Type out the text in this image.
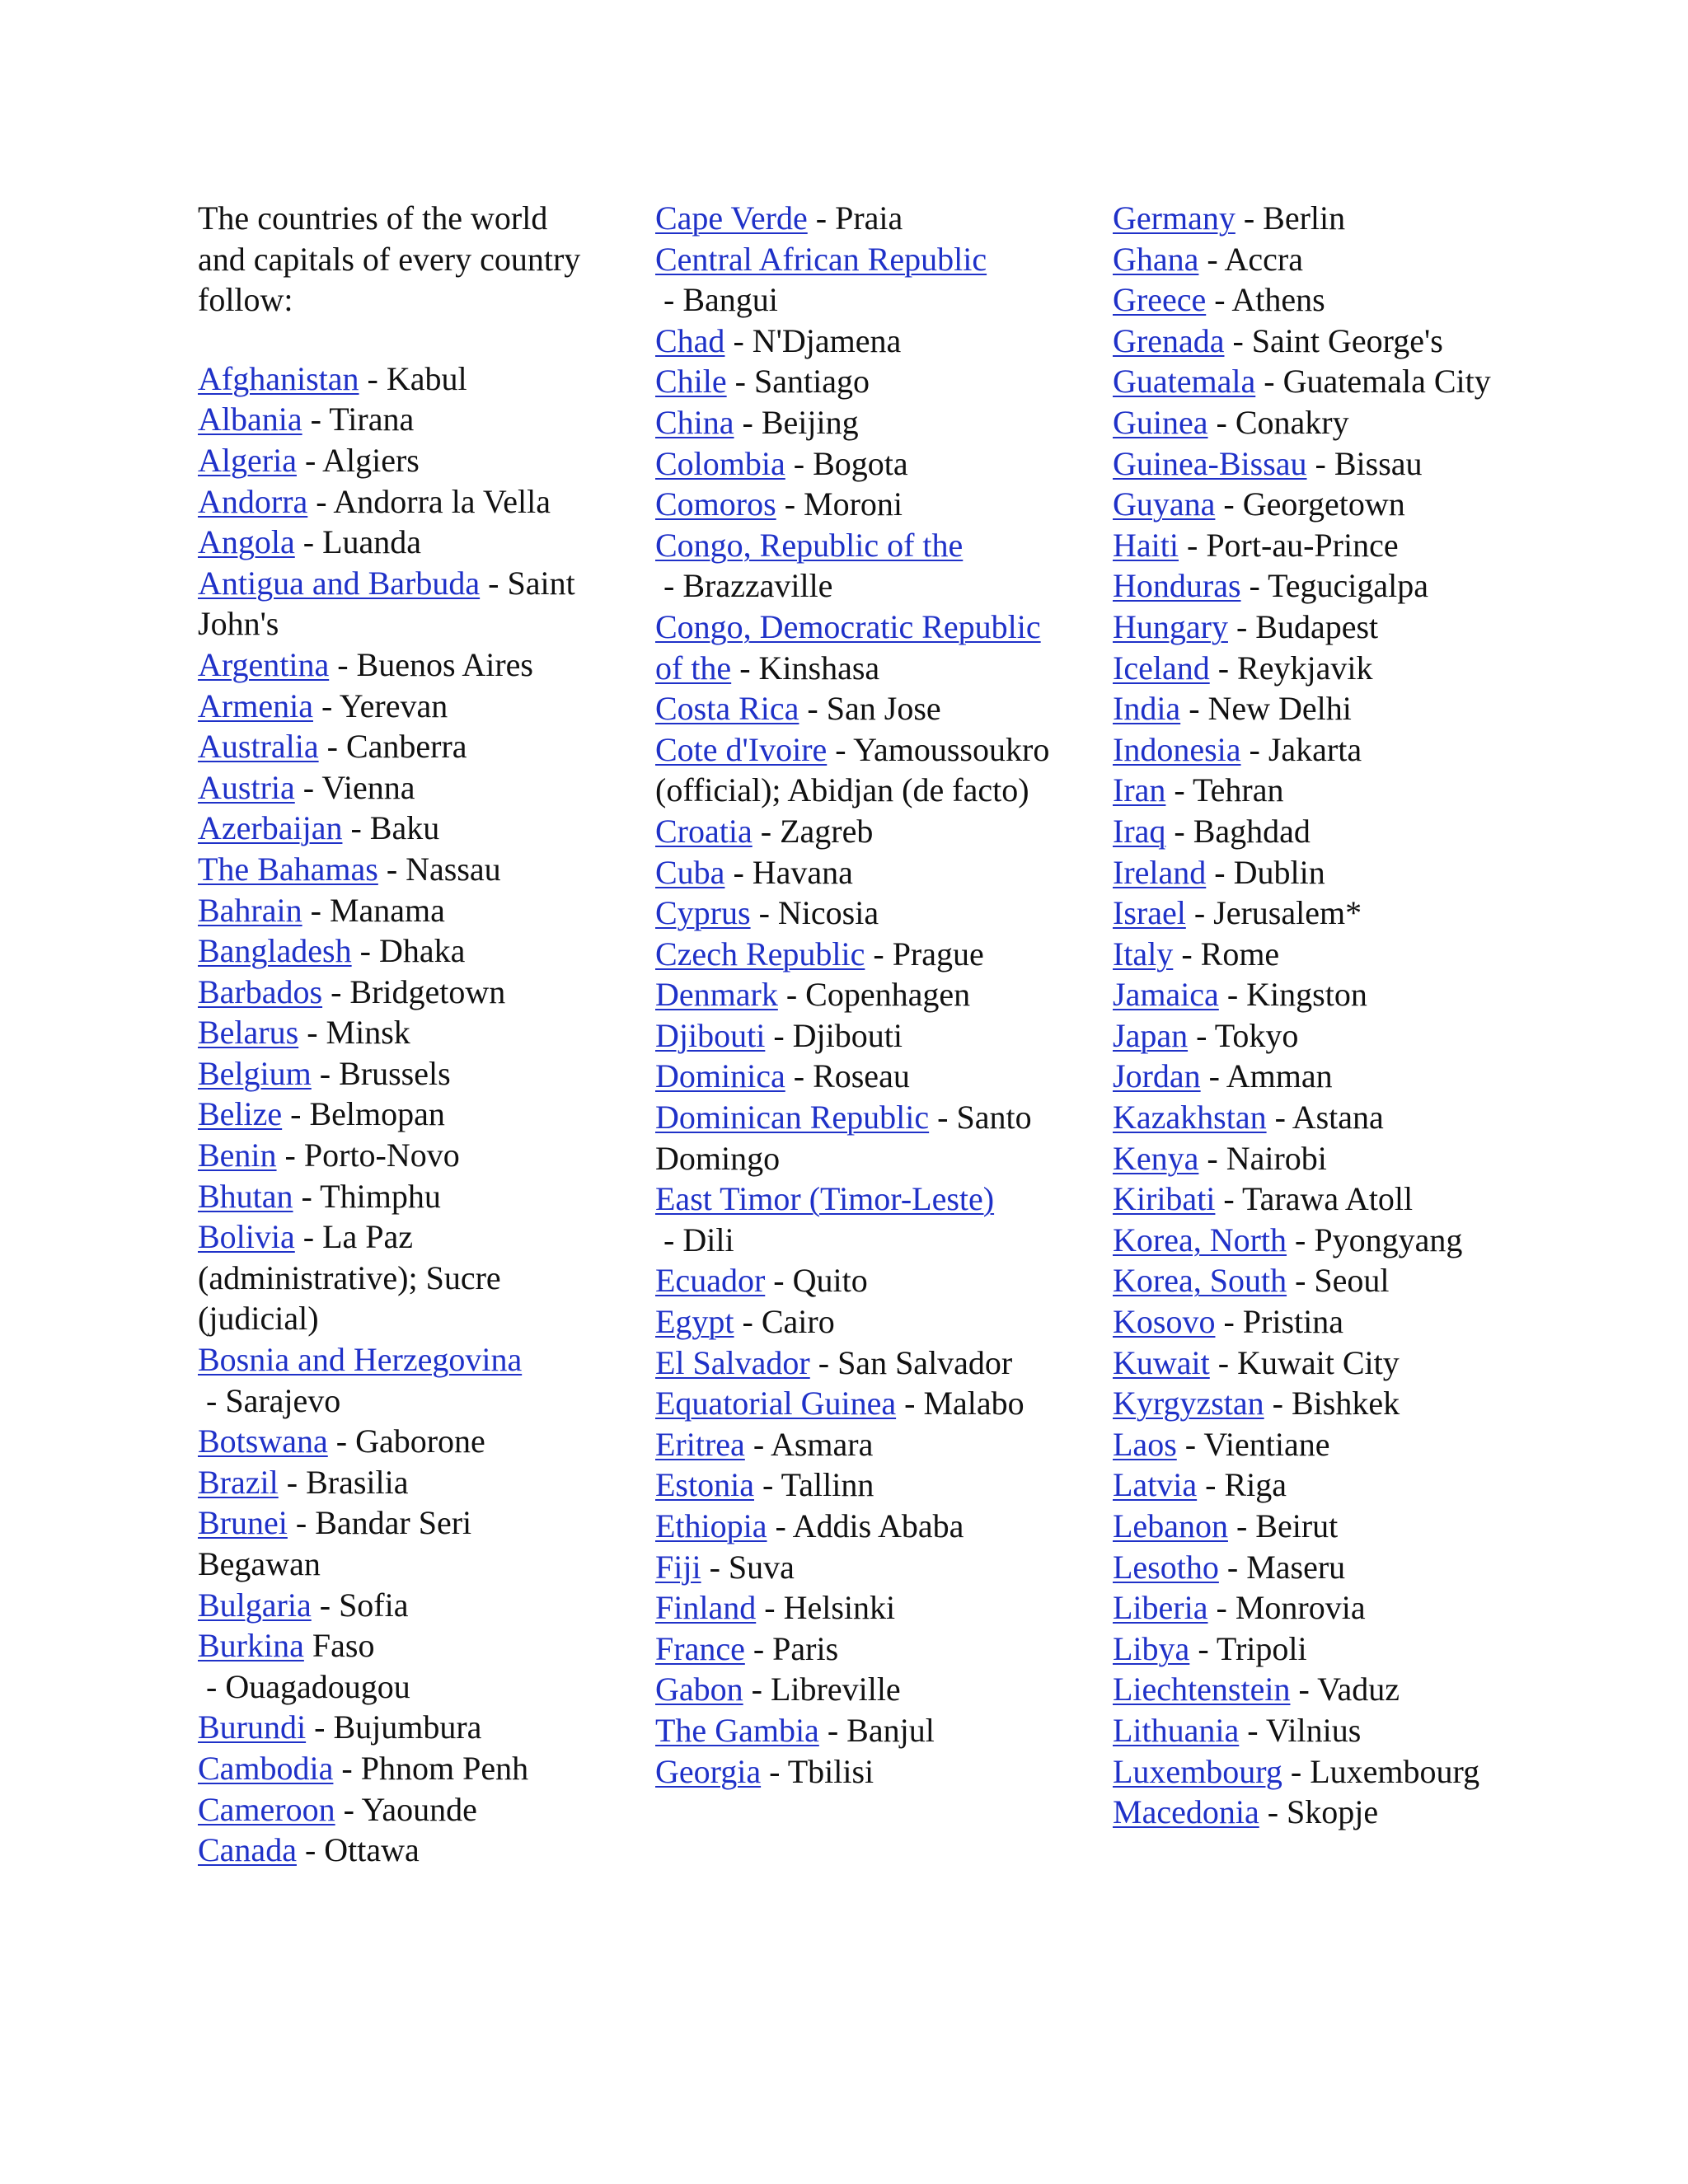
The countries of the world and capitals of every country follow:

Afghanistan - Kabul

Albania - Tirana

Algeria - Algiers

Andorra - Andorra la Vella

Angola - Luanda

Antigua and Barbuda - Saint John's

Argentina - Buenos Aires

Armenia - Yerevan

Australia - Canberra

Austria - Vienna

Azerbaijan - Baku

The Bahamas - Nassau

Bahrain - Manama

Bangladesh - Dhaka

Barbados - Bridgetown

Belarus - Minsk

Belgium - Brussels

Belize - Belmopan

Benin - Porto-Novo

Bhutan - Thimphu

Bolivia - La Paz (administrative); Sucre (judicial)

Bosnia and Herzegovina - Sarajevo

Botswana - Gaborone

Brazil - Brasilia

Brunei - Bandar Seri Begawan

Bulgaria - Sofia

Burkina Faso - Ouagadougou

Burundi - Bujumbura

Cambodia - Phnom Penh

Cameroon - Yaounde

Canada - Ottawa

Cape Verde - Praia

Central African Republic - Bangui

Chad - N'Djamena

Chile - Santiago

China - Beijing

Colombia - Bogota

Comoros - Moroni

Congo, Republic of the - Brazzaville

Congo, Democratic Republic of the - Kinshasa

Costa Rica - San Jose

Cote d'Ivoire - Yamoussoukro (official); Abidjan (de facto)

Croatia - Zagreb

Cuba - Havana

Cyprus - Nicosia

Czech Republic - Prague

Denmark - Copenhagen

Djibouti - Djibouti

Dominica - Roseau

Dominican Republic - Santo Domingo

East Timor (Timor-Leste) - Dili

Ecuador - Quito

Egypt - Cairo

El Salvador - San Salvador

Equatorial Guinea - Malabo

Eritrea - Asmara

Estonia - Tallinn

Ethiopia - Addis Ababa

Fiji - Suva

Finland - Helsinki

France - Paris

Gabon - Libreville

The Gambia - Banjul

Georgia - Tbilisi

Germany - Berlin

Ghana - Accra

Greece - Athens

Grenada - Saint George's

Guatemala - Guatemala City

Guinea - Conakry

Guinea-Bissau - Bissau

Guyana - Georgetown

Haiti - Port-au-Prince

Honduras - Tegucigalpa

Hungary - Budapest

Iceland - Reykjavik

India - New Delhi

Indonesia - Jakarta

Iran - Tehran

Iraq - Baghdad

Ireland - Dublin

Israel - Jerusalem*

Italy - Rome

Jamaica - Kingston

Japan - Tokyo

Jordan - Amman

Kazakhstan - Astana

Kenya - Nairobi

Kiribati - Tarawa Atoll

Korea, North - Pyongyang

Korea, South - Seoul

Kosovo - Pristina

Kuwait - Kuwait City

Kyrgyzstan - Bishkek

Laos - Vientiane

Latvia - Riga

Lebanon - Beirut

Lesotho - Maseru

Liberia - Monrovia

Libya - Tripoli

Liechtenstein - Vaduz

Lithuania - Vilnius

Luxembourg - Luxembourg

Macedonia - Skopje
